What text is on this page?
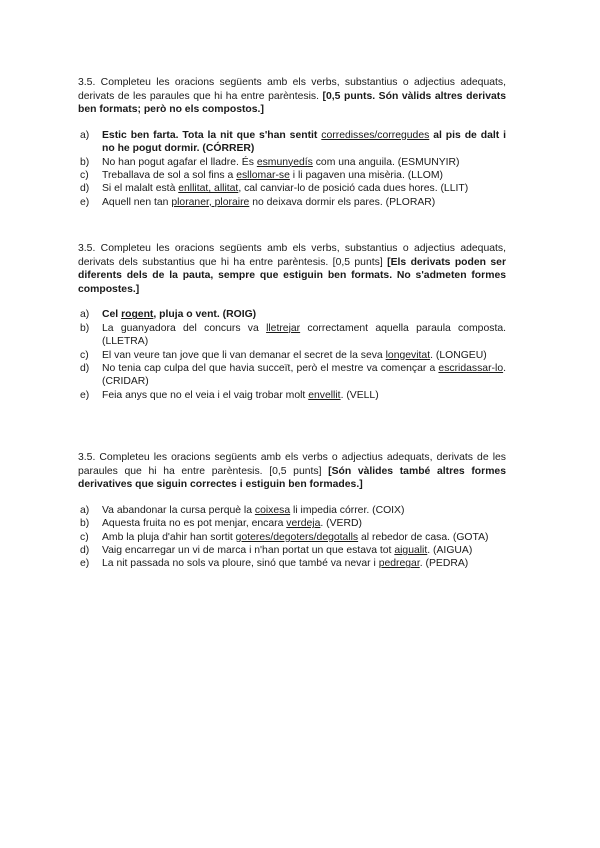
3.5. Completeu les oracions següents amb els verbs, substantius o adjectius adequats, derivats de les paraules que hi ha entre parèntesis. [0,5 punts. Són vàlids altres derivats ben formats; però no els compostos.]

a)	Estic ben farta. Tota la nit que s'han sentit corredisses/corregudes al pis de dalt i no he pogut dormir. (CÓRRER)
b)	No han pogut agafar el lladre. És esmunyedís com una anguila. (ESMUNYIR)
c)	Treballava de sol a sol fins a esllomar-se i li pagaven una misèria. (LLOM)
d)	Si el malalt està enllitat, allitat, cal canviar-lo de posició cada dues hores. (LLIT)
e)	Aquell nen tan ploraner, ploraire no deixava dormir els pares. (PLORAR)

3.5. Completeu les oracions següents amb els verbs, substantius o adjectius adequats, derivats dels substantius que hi ha entre parèntesis. [0,5 punts] [Els derivats poden ser diferents dels de la pauta, sempre que estiguin ben formats. No s'admeten formes compostes.]

a)	Cel rogent, pluja o vent. (ROIG)
b)	La guanyadora del concurs va lletrejar correctament aquella paraula composta. (LLETRA)
c)	El van veure tan jove que li van demanar el secret de la seva longevitat. (LONGEU)
d)	No tenia cap culpa del que havia succeït, però el mestre va començar a escridassar-lo. (CRIDAR)
e)	Feia anys que no el veia i el vaig trobar molt envellit. (VELL)

3.5. Completeu les oracions següents amb els verbs o adjectius adequats, derivats de les paraules que hi ha entre parèntesis. [0,5 punts] [Són vàlides també altres formes derivatives que siguin correctes i estiguin ben formades.]

a)	Va abandonar la cursa perquè la coixesa li impedia córrer. (COIX)
b)	Aquesta fruita no es pot menjar, encara verdeja. (VERD)
c)	Amb la pluja d'ahir han sortit goteres/degoters/degotalls al rebedor de casa. (GOTA)
d)	Vaig encarregar un vi de marca i n'han portat un que estava tot aigualit. (AIGUA)
e)	La nit passada no sols va ploure, sinó que també va nevar i pedregar. (PEDRA)
